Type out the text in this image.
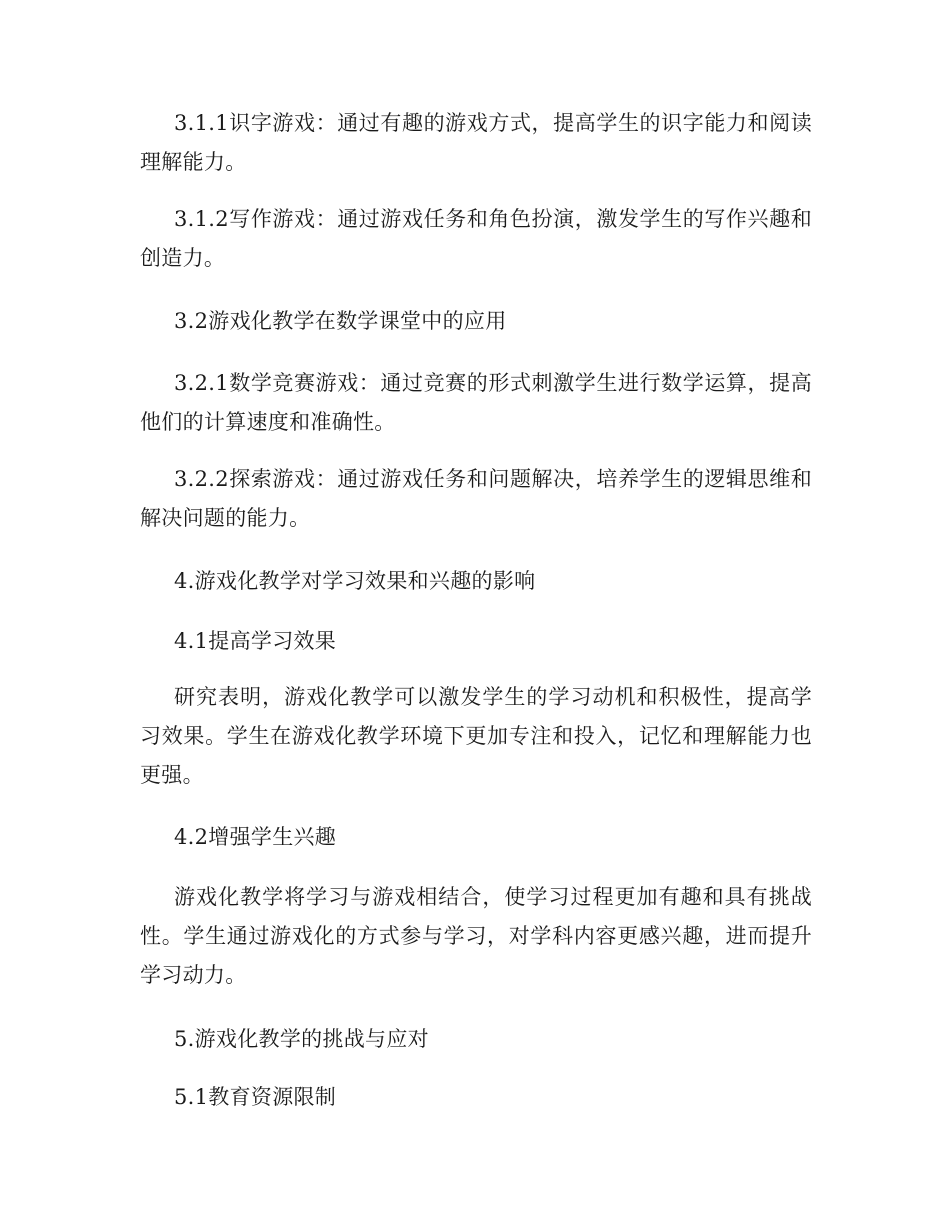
3.1.1识字游戏：通过有趣的游戏方式，提高学生的识字能力和阅读理解能力。

3.1.2写作游戏：通过游戏任务和角色扮演，激发学生的写作兴趣和创造力。

3.2游戏化教学在数学课堂中的应用

3.2.1数学竞赛游戏：通过竞赛的形式刺激学生进行数学运算，提高他们的计算速度和准确性。

3.2.2探索游戏：通过游戏任务和问题解决，培养学生的逻辑思维和解决问题的能力。

4.游戏化教学对学习效果和兴趣的影响

4.1提高学习效果

研究表明，游戏化教学可以激发学生的学习动机和积极性，提高学习效果。学生在游戏化教学环境下更加专注和投入，记忆和理解能力也更强。

4.2增强学生兴趣

游戏化教学将学习与游戏相结合，使学习过程更加有趣和具有挑战性。学生通过游戏化的方式参与学习，对学科内容更感兴趣，进而提升学习动力。

5.游戏化教学的挑战与应对

5.1教育资源限制
